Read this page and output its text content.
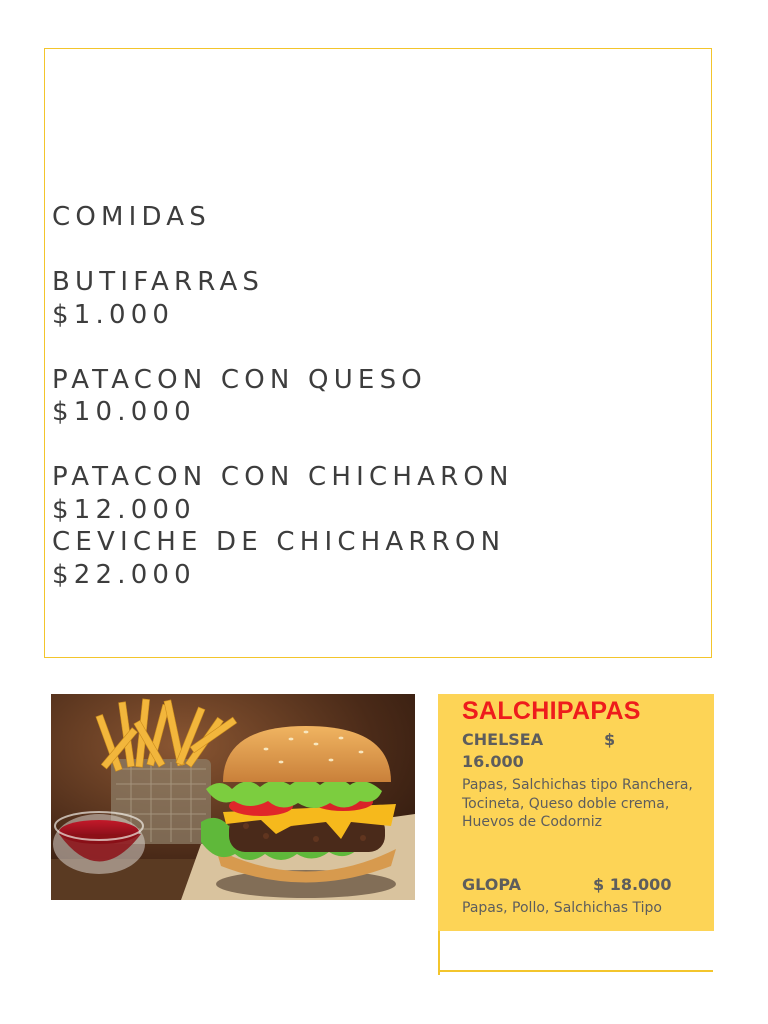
COMIDAS
BUTIFARRAS
$1.000
PATACON CON QUESO
$10.000
PATACON CON CHICHARON
$12.000
CEVICHE DE CHICHARRON
$22.000
SALCHIPAPAS
CHELSEA	$
16.000
Papas, Salchichas tipo Ranchera, Tocineta, Queso doble crema, Huevos de Codorniz
GLOPA	$ 18.000
Papas, Pollo, Salchichas Tipo
